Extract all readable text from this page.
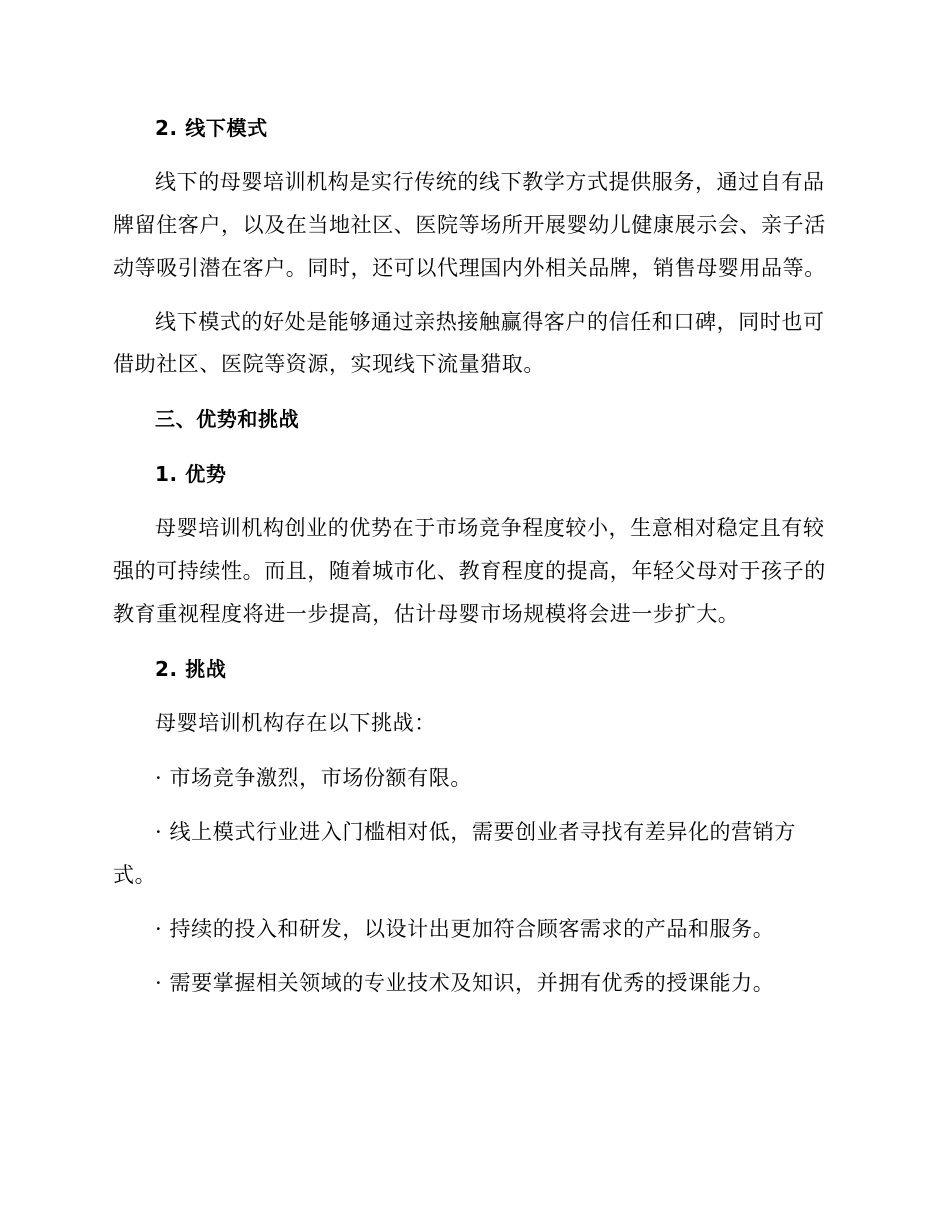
2. 线下模式
线下的母婴培训机构是实行传统的线下教学方式提供服务，通过自有品
牌留住客户，以及在当地社区、医院等场所开展婴幼儿健康展示会、亲子活
动等吸引潜在客户。同时，还可以代理国内外相关品牌，销售母婴用品等。
线下模式的好处是能够通过亲热接触赢得客户的信任和口碑，同时也可
借助社区、医院等资源，实现线下流量猎取。
三、优势和挑战
1. 优势
母婴培训机构创业的优势在于市场竞争程度较小，生意相对稳定且有较
强的可持续性。而且，随着城市化、教育程度的提高，年轻父母对于孩子的
教育重视程度将进一步提高，估计母婴市场规模将会进一步扩大。
2. 挑战
母婴培训机构存在以下挑战：
· 市场竞争激烈，市场份额有限。
· 线上模式行业进入门槛相对低，需要创业者寻找有差异化的营销方
式。
· 持续的投入和研发，以设计出更加符合顾客需求的产品和服务。
· 需要掌握相关领域的专业技术及知识，并拥有优秀的授课能力。
